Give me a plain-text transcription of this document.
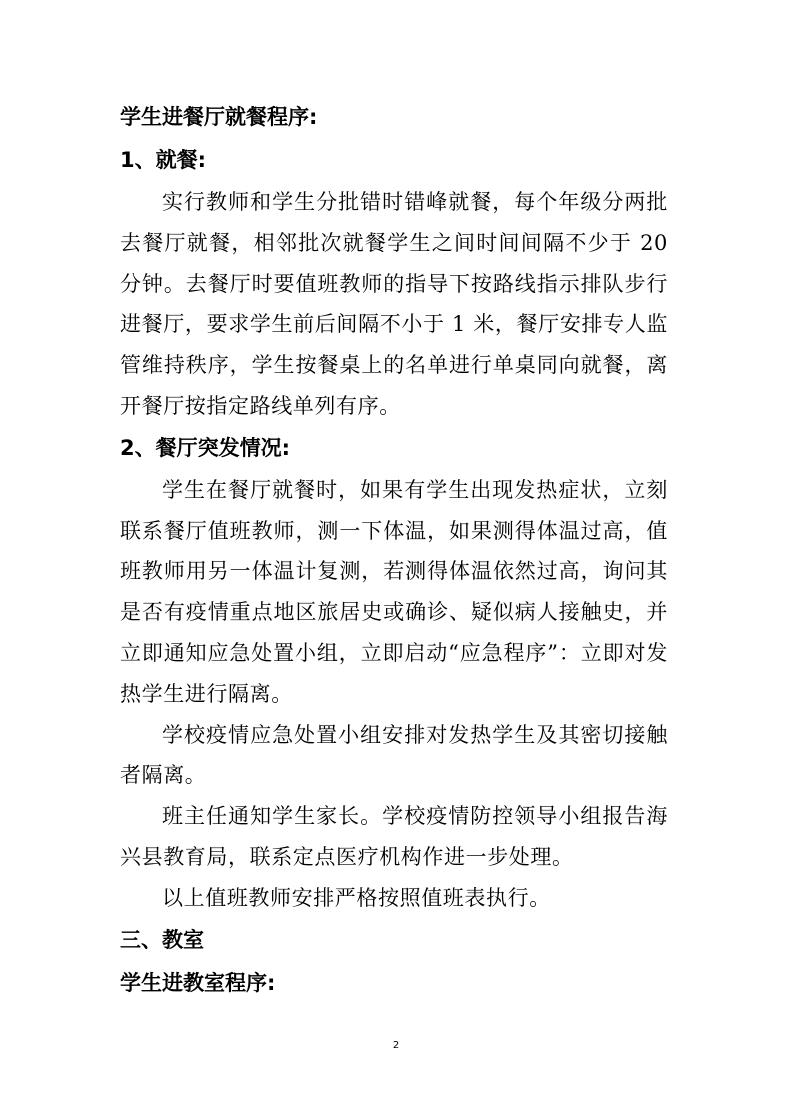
学生进餐厅就餐程序:
1、就餐:

实行教师和学生分批错时错峰就餐，每个年级分两批去餐厅就餐，相邻批次就餐学生之间时间间隔不少于 20 分钟。去餐厅时要值班教师的指导下按路线指示排队步行进餐厅，要求学生前后间隔不小于 1 米，餐厅安排专人监管维持秩序，学生按餐桌上的名单进行单桌同向就餐，离开餐厅按指定路线单列有序。

2、餐厅突发情况:

学生在餐厅就餐时，如果有学生出现发热症状，立刻联系餐厅值班教师，测一下体温，如果测得体温过高，值班教师用另一体温计复测，若测得体温依然过高，询问其是否有疫情重点地区旅居史或确诊、疑似病人接触史，并立即通知应急处置小组，立即启动“应急程序”：立即对发热学生进行隔离。

学校疫情应急处置小组安排对发热学生及其密切接触者隔离。

班主任通知学生家长。学校疫情防控领导小组报告海兴县教育局，联系定点医疗机构作进一步处理。

以上值班教师安排严格按照值班表执行。

三、教室
学生进教室程序:
2
